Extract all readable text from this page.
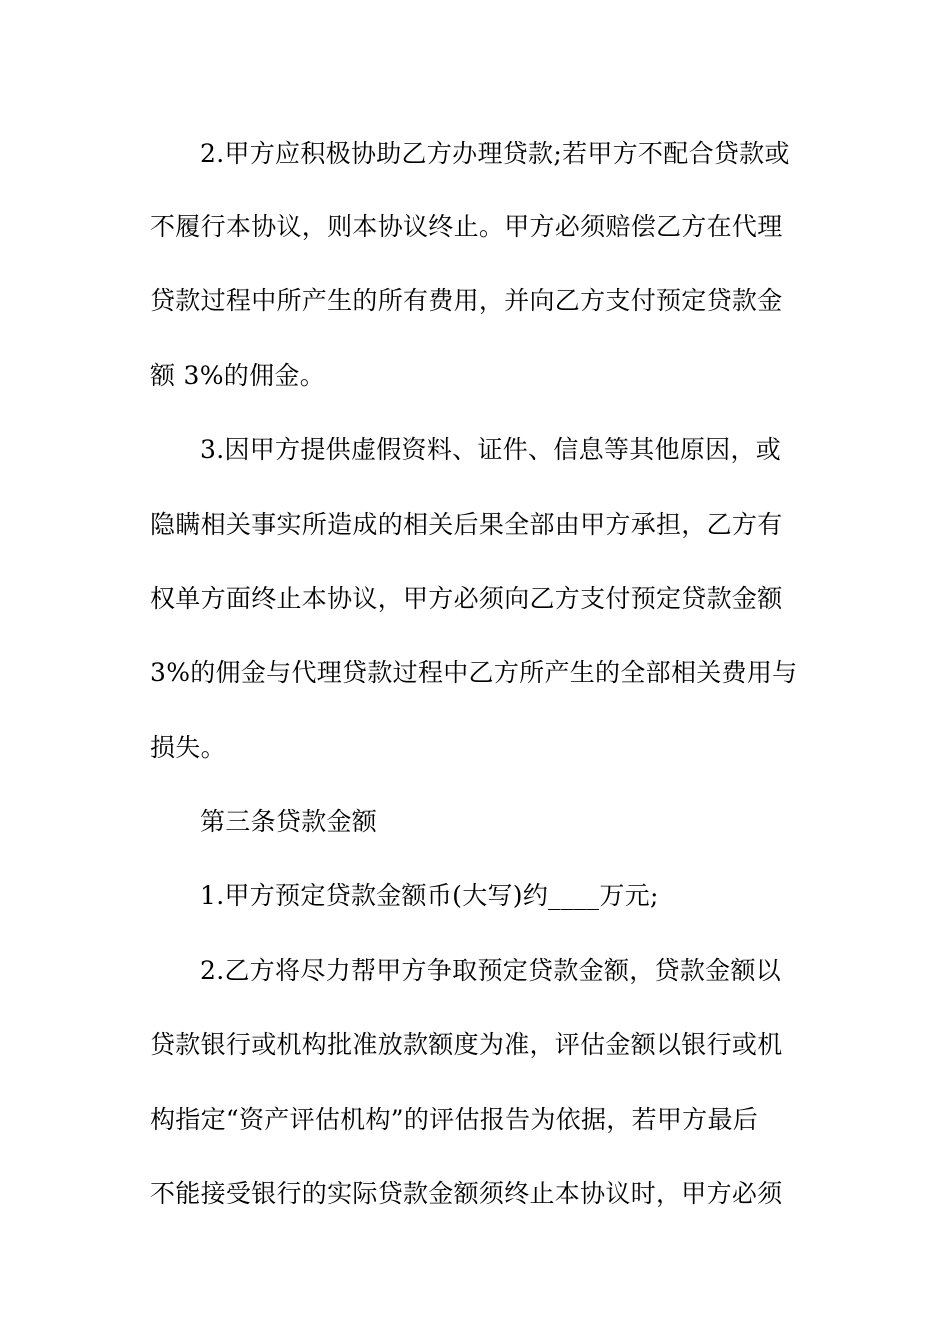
2.甲方应积极协助乙方办理贷款;若甲方不配合贷款或
不履行本协议，则本协议终止。甲方必须赔偿乙方在代理
贷款过程中所产生的所有费用，并向乙方支付预定贷款金
额 3%的佣金。
3.因甲方提供虚假资料、证件、信息等其他原因，或
隐瞒相关事实所造成的相关后果全部由甲方承担，乙方有
权单方面终止本协议，甲方必须向乙方支付预定贷款金额
3%的佣金与代理贷款过程中乙方所产生的全部相关费用与
损失。
第三条贷款金额
1.甲方预定贷款金额币(大写)约____万元;
2.乙方将尽力帮甲方争取预定贷款金额，贷款金额以
贷款银行或机构批准放款额度为准，评估金额以银行或机
构指定“资产评估机构”的评估报告为依据，若甲方最后
不能接受银行的实际贷款金额须终止本协议时，甲方必须
